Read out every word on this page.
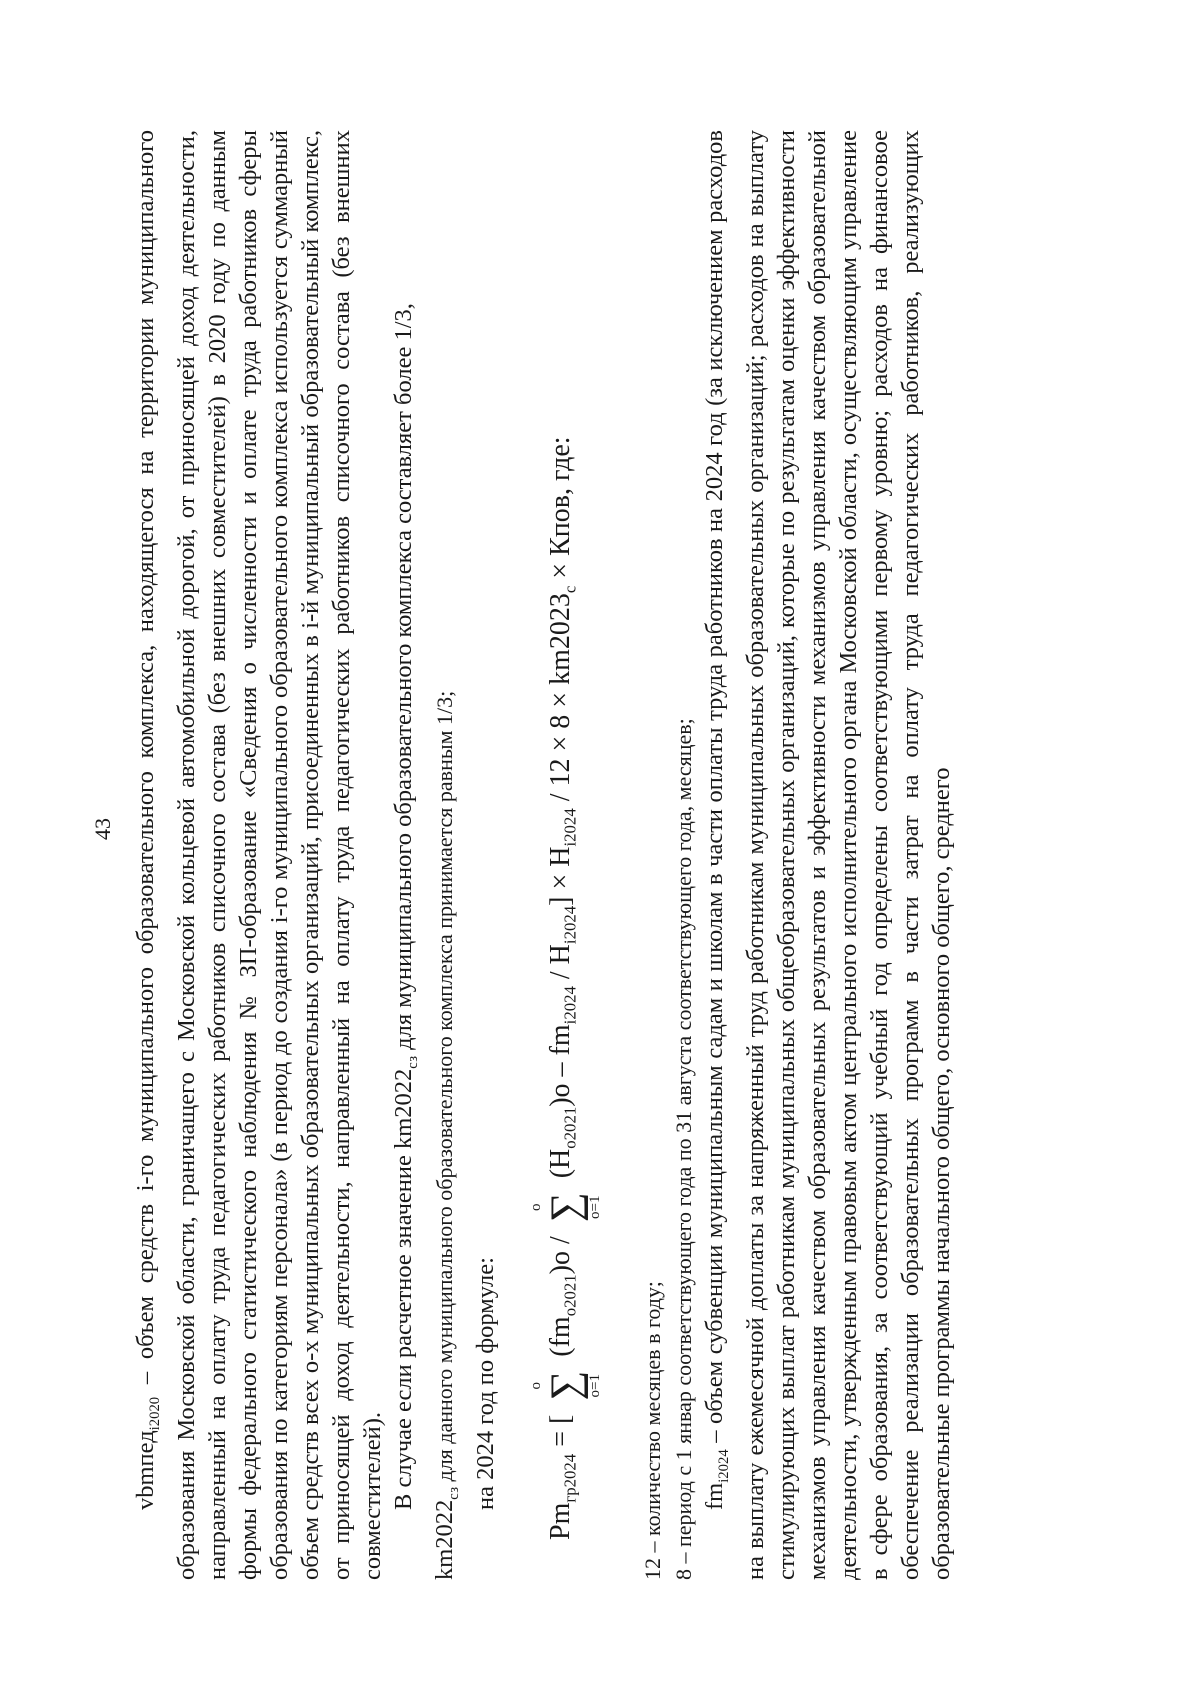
43

vbmпед$_{i2020}$ – объем средств i-го муниципального образовательного комплекса, находящегося на территории муниципального образования Московской области, граничащего с Московской кольцевой автомобильной дорогой, от приносящей доход деятельности, направленный на оплату труда педагогических работников списочного состава (без внешних совместителей) в 2020 году по данным формы федерального статистического наблюдения № ЗП-образование «Сведения о численности и оплате труда работников сферы образования по категориям персонала» (в период до создания i-го муниципального образовательного комплекса используется суммарный объем средств всех о-х муниципальных образовательных организаций, присоединенных в i-й муниципальный образовательный комплекс, от приносящей доход деятельности, направленный на оплату труда педагогических работников списочного состава (без внешних совместителей). В случае если расчетное значение $km2022_{сз}$ для муниципального образовательного комплекса составляет более 1/3,

$km2022_{сз}$ для данного муниципального образовательного комплекса принимается равным 1/3; на 2024 год по формуле:

$Pm_{гр2024}$ = [
о ∑
o=1
$(fm_{o2021})o$ /
о ∑
o=1
$(Н_{o2021})o - fm_{i2024} / Н_{i2024}] \times Н_{i2024} / 12 \times 8 \times km2023_с$ × Кпов, где:

12 – количество месяцев в году; 8 – период с 1 январ соответствующего года по 31 августа соответствующего года, месяцев; $fm_{i2024}$ – объем субвенции муниципальным садам и школам в части оплаты труда работников на 2024 год (за исключением расходов на выплату ежемесячной доплаты за напряженный труд работникам муниципальных образовательных организаций; расходов на выплату стимулирующих выплат работникам муниципальных общеобразовательных организаций, которые по результатам оценки эффективности механизмов управления качеством образовательных результатов и эффективности механизмов управления качеством образовательной деятельности, утвержденным правовым актом центрального исполнительного органа Московской области, осуществляющим управление в сфере образования, за соответствующий учебный год определены соответствующими первому уровню; расходов на финансовое обеспечение реализации образовательных программ в части затрат на оплату труда педагогических работников, реализующих образовательные программы начального общего, основного общего, среднего
